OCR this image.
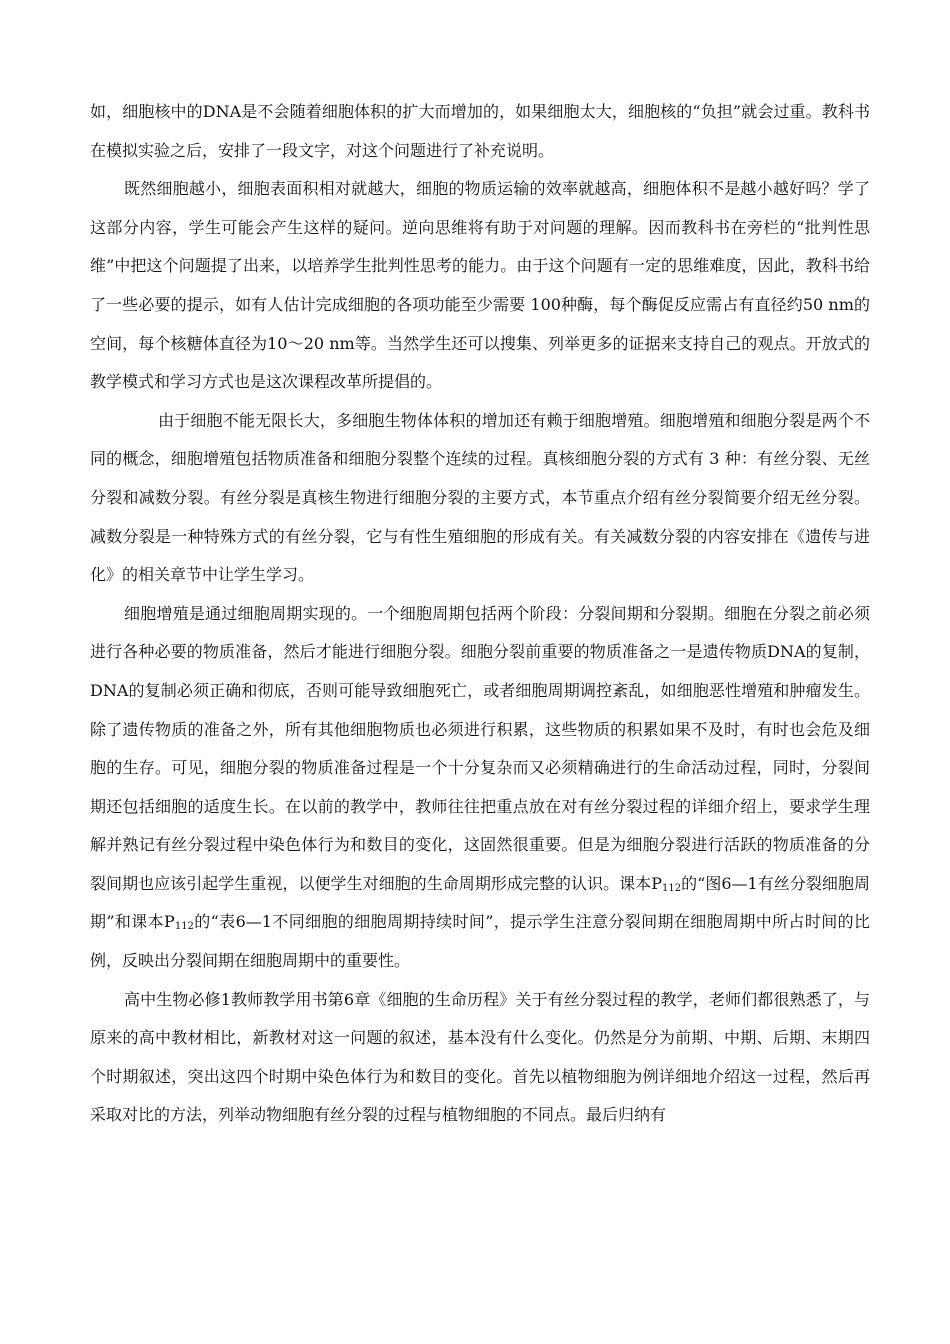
如，细胞核中的DNA是不会随着细胞体积的扩大而增加的，如果细胞太大，细胞核的“负担”就会过重。教科书在模拟实验之后，安排了一段文字，对这个问题进行了补充说明。

既然细胞越小，细胞表面积相对就越大，细胞的物质运输的效率就越高，细胞体积不是越小越好吗？学了这部分内容，学生可能会产生这样的疑问。逆向思维将有助于对问题的理解。因而教科书在旁栏的“批判性思维”中把这个问题提了出来，以培养学生批判性思考的能力。由于这个问题有一定的思维难度，因此，教科书给了一些必要的提示，如有人估计完成细胞的各项功能至少需要 100种酶，每个酶促反应需占有直径约50 nm的空间，每个核糖体直径为10～20 nm等。当然学生还可以搜集、列举更多的证据来支持自己的观点。开放式的教学模式和学习方式也是这次课程改革所提倡的。

由于细胞不能无限长大，多细胞生物体体积的增加还有赖于细胞增殖。细胞增殖和细胞分裂是两个不同的概念，细胞增殖包括物质准备和细胞分裂整个连续的过程。真核细胞分裂的方式有 3 种：有丝分裂、无丝分裂和减数分裂。有丝分裂是真核生物进行细胞分裂的主要方式，本节重点介绍有丝分裂简要介绍无丝分裂。减数分裂是一种特殊方式的有丝分裂，它与有性生殖细胞的形成有关。有关减数分裂的内容安排在《遗传与进化》的相关章节中让学生学习。

细胞增殖是通过细胞周期实现的。一个细胞周期包括两个阶段：分裂间期和分裂期。细胞在分裂之前必须进行各种必要的物质准备，然后才能进行细胞分裂。细胞分裂前重要的物质准备之一是遗传物质DNA的复制，DNA的复制必须正确和彻底，否则可能导致细胞死亡，或者细胞周期调控紊乱，如细胞恶性增殖和肿瘤发生。除了遗传物质的准备之外，所有其他细胞物质也必须进行积累，这些物质的积累如果不及时，有时也会危及细胞的生存。可见，细胞分裂的物质准备过程是一个十分复杂而又必须精确进行的生命活动过程，同时，分裂间期还包括细胞的适度生长。在以前的教学中，教师往往把重点放在对有丝分裂过程的详细介绍上，要求学生理解并熟记有丝分裂过程中染色体行为和数目的变化，这固然很重要。但是为细胞分裂进行活跃的物质准备的分裂间期也应该引起学生重视，以便学生对细胞的生命周期形成完整的认识。课本$P_{112}$的“图6—1有丝分裂细胞周期”和课本$P_{112}$的“表6—1不同细胞的细胞周期持续时间”，提示学生注意分裂间期在细胞周期中所占时间的比例，反映出分裂间期在细胞周期中的重要性。

高中生物必修1教师教学用书第6章《细胞的生命历程》关于有丝分裂过程的教学，老师们都很熟悉了，与原来的高中教材相比，新教材对这一问题的叙述，基本没有什么变化。仍然是分为前期、中期、后期、末期四个时期叙述，突出这四个时期中染色体行为和数目的变化。首先以植物细胞为例详细地介绍这一过程，然后再采取对比的方法，列举动物细胞有丝分裂的过程与植物细胞的不同点。最后归纳有
